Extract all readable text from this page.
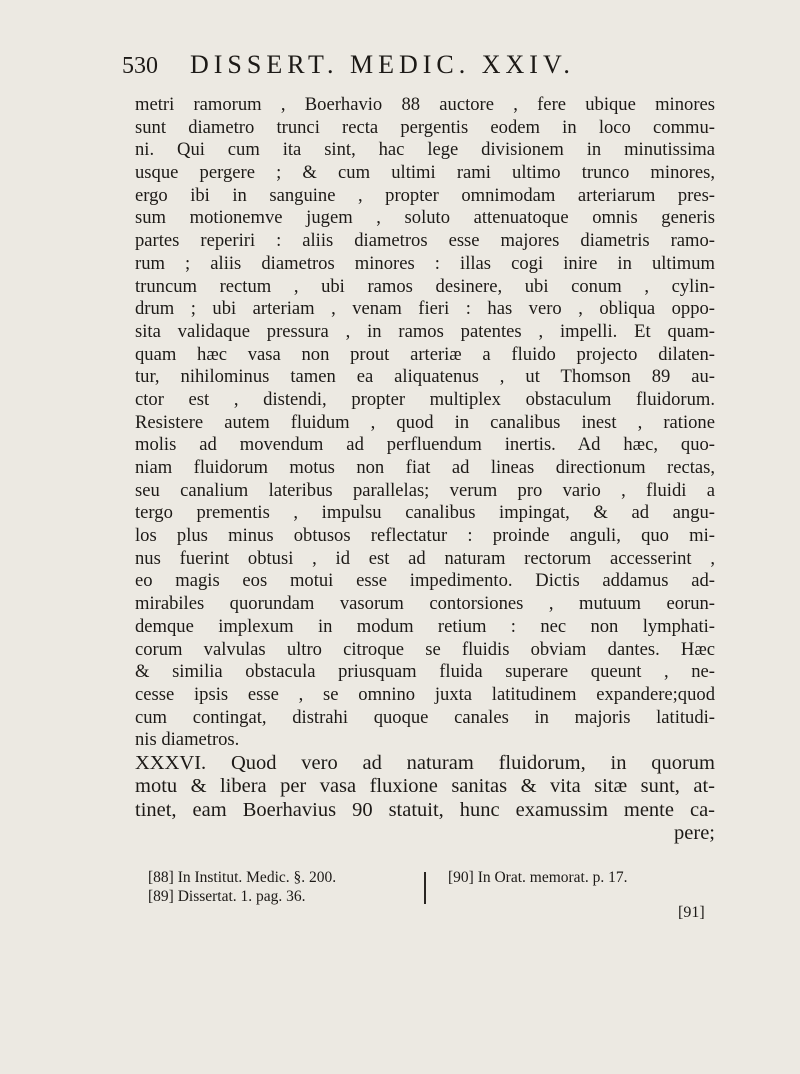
530	DISSERT. MEDIC. XXIV.
metri ramorum , Boerhavio 88 auctore , fere ubique minores
sunt diametro trunci recta pergentis eodem in loco commu-
ni. Qui cum ita sint, hac lege divisionem in minutissima
usque pergere ; & cum ultimi rami ultimo trunco minores,
ergo ibi in sanguine , propter omnimodam arteriarum pres-
sum motionemve jugem , soluto attenuatoque omnis generis
partes reperiri : aliis diametros esse majores diametris ramo-
rum ; aliis diametros minores : illas cogi inire in ultimum
truncum rectum , ubi ramos desinere, ubi conum , cylin-
drum ; ubi arteriam , venam fieri : has vero , obliqua oppo-
sita validaque pressura , in ramos patentes , impelli. Et quam-
quam hæc vasa non prout arteriæ a fluido projecto dilaten-
tur, nihilominus tamen ea aliquatenus , ut Thomson 89 au-
ctor est , distendi, propter multiplex obstaculum fluidorum.
Resistere autem fluidum , quod in canalibus inest , ratione
molis ad movendum ad perfluendum inertis. Ad hæc, quo-
niam fluidorum motus non fiat ad lineas directionum rectas,
seu canalium lateribus parallelas; verum pro vario , fluidi a
tergo prementis , impulsu canalibus impingat, & ad angu-
los plus minus obtusos reflectatur : proinde anguli, quo mi-
nus fuerint obtusi , id est ad naturam rectorum accesserint ,
eo magis eos motui esse impedimento. Dictis addamus ad-
mirabiles quorundam vasorum contorsiones , mutuum eorun-
demque implexum in modum retium : nec non lymphati-
corum valvulas ultro citroque se fluidis obviam dantes. Hæc
& similia obstacula priusquam fluida superare queunt , ne-
cesse ipsis esse , se omnino juxta latitudinem expandere;quod
cum contingat, distrahi quoque canales in majoris latitudi-
nis diametros.
XXXVI. Quod vero ad naturam fluidorum, in quorum
motu & libera per vasa fluxione sanitas & vita sitæ sunt, at-
tinet, eam Boerhavius 90 statuit, hunc examussim mente ca-
pere;
[88] In Institut. Medic. §. 200.
[89] Dissertat. 1. pag. 36.
[90] In Orat. memorat. p. 17.
[91]
